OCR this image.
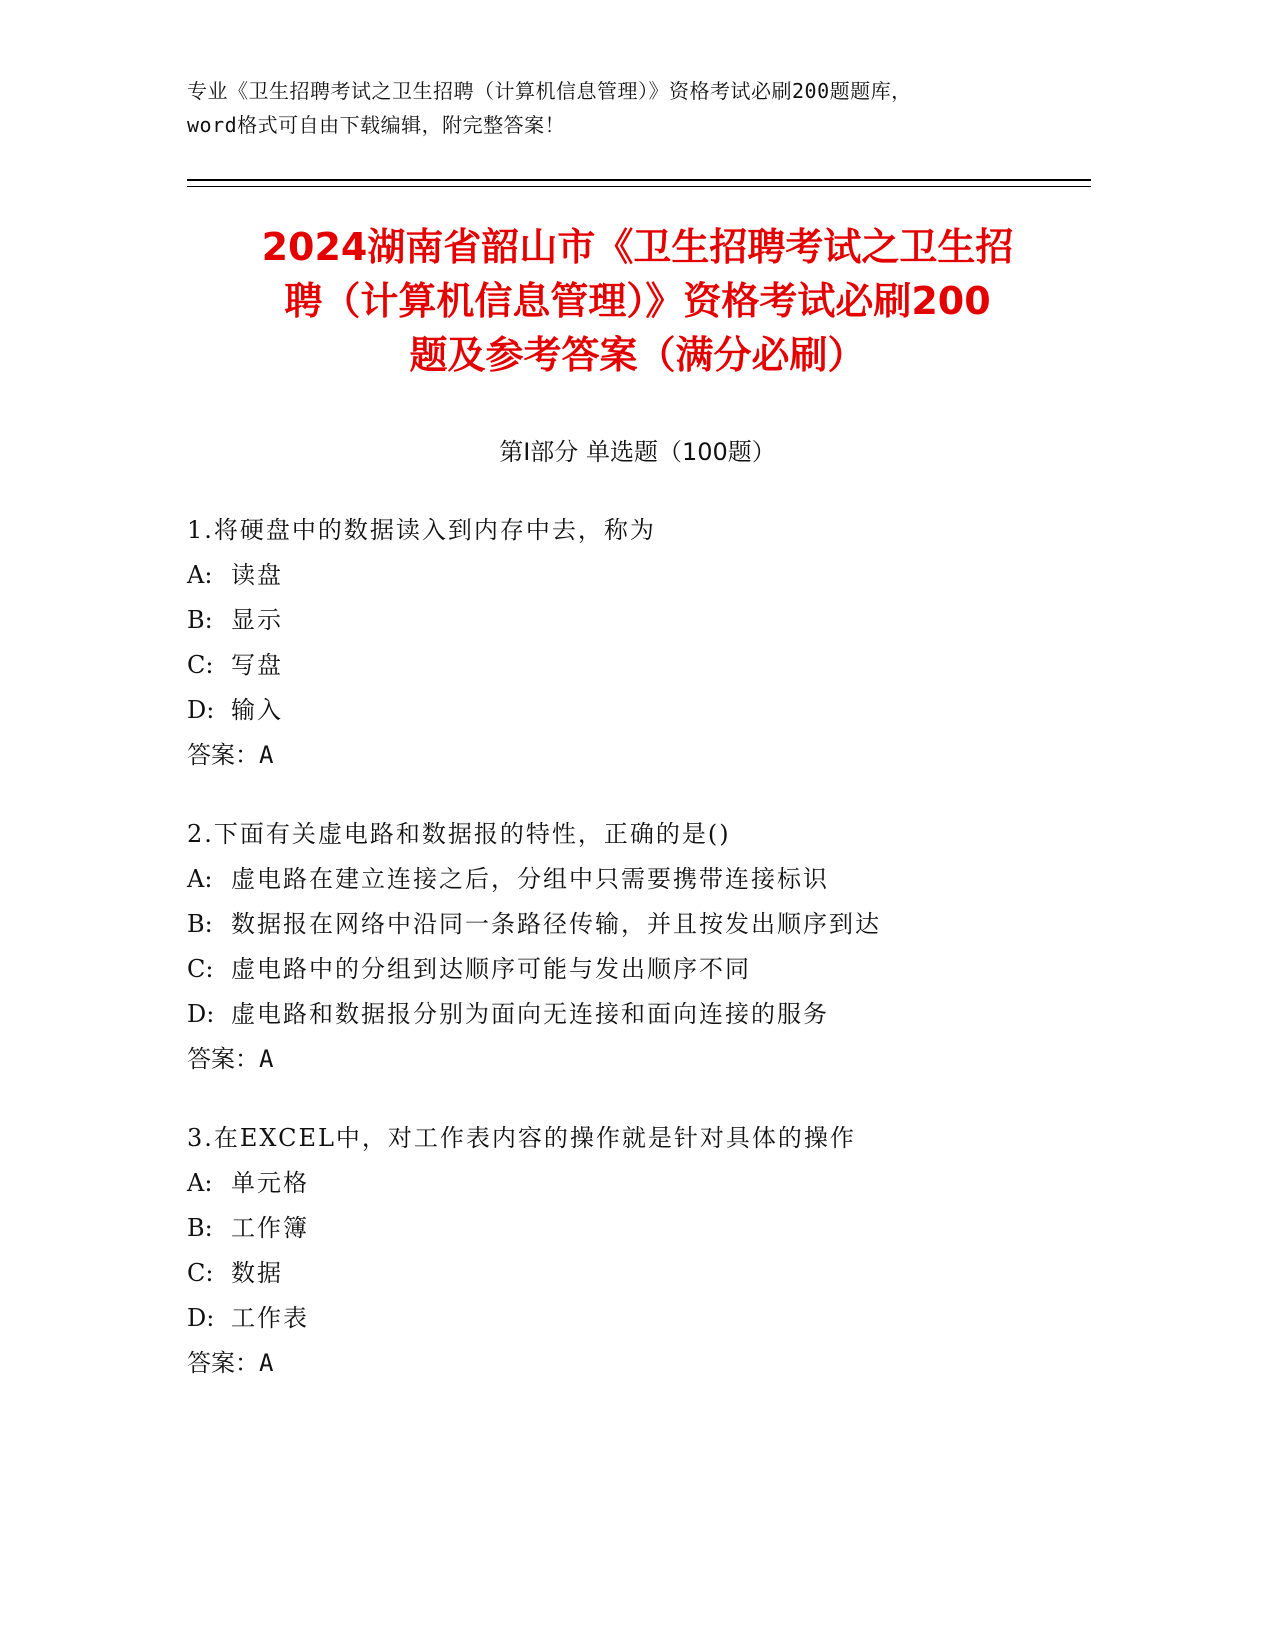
专业《卫生招聘考试之卫生招聘（计算机信息管理）》资格考试必刷200题题库，
word格式可自由下载编辑，附完整答案！
2024湖南省韶山市《卫生招聘考试之卫生招
聘（计算机信息管理）》资格考试必刷200
题及参考答案（满分必刷）
第Ⅰ部分 单选题（100题）
1.将硬盘中的数据读入到内存中去，称为
A: 读盘
B: 显示
C: 写盘
D: 输入
答案：A
2.下面有关虚电路和数据报的特性，正确的是()
A: 虚电路在建立连接之后，分组中只需要携带连接标识
B: 数据报在网络中沿同一条路径传输，并且按发出顺序到达
C: 虚电路中的分组到达顺序可能与发出顺序不同
D: 虚电路和数据报分别为面向无连接和面向连接的服务
答案：A
3.在EXCEL中，对工作表内容的操作就是针对具体的操作
A: 单元格
B: 工作簿
C: 数据
D: 工作表
答案：A
